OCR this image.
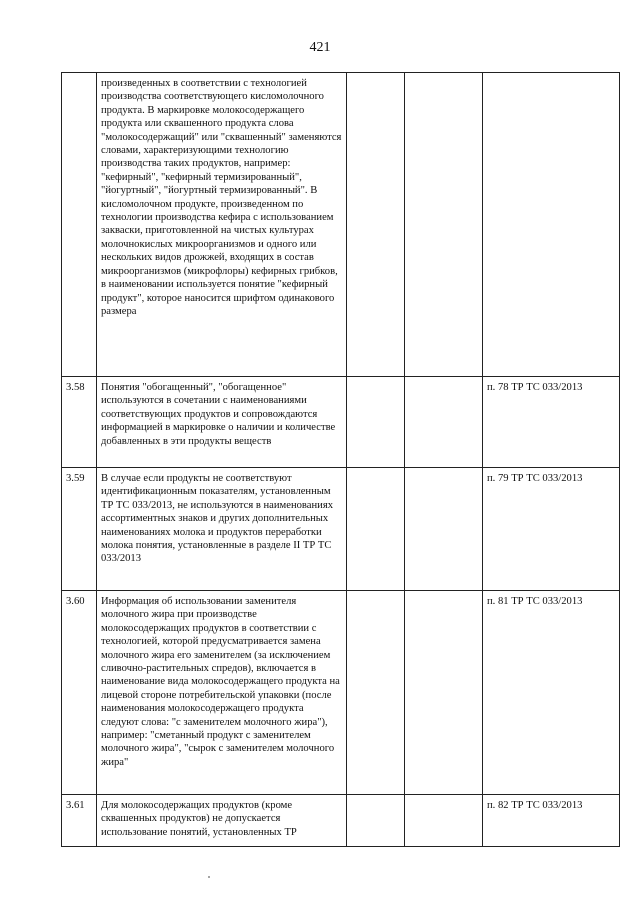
421
	произведенных в соответствии с технологией производства соответствующего кисломолочного продукта. В маркировке молокосодержащего продукта или сквашенного продукта слова "молокосодержащий" или "сквашенный" заменяются словами, характеризующими технологию производства таких продуктов, например: "кефирный", "кефирный термизированный", "йогуртный", "йогуртный термизированный". В кисломолочном продукте, произведенном по технологии производства кефира с использованием закваски, приготовленной на чистых культурах молочнокислых микроорганизмов и одного или нескольких видов дрожжей, входящих в состав микроорганизмов (микрофлоры) кефирных грибков, в наименовании используется понятие "кефирный продукт", которое наносится шрифтом одинакового размера			
3.58	Понятия "обогащенный", "обогащенное" используются в сочетании с наименованиями соответствующих продуктов и сопровождаются информацией в маркировке о наличии и количестве добавленных в эти продукты веществ			п. 78 ТР ТС 033/2013
3.59	В случае если продукты не соответствуют идентификационным показателям, установленным ТР ТС 033/2013, не используются в наименованиях ассортиментных знаков и других дополнительных наименованиях молока и продуктов переработки молока понятия, установленные в разделе II ТР ТС 033/2013			п. 79 ТР ТС 033/2013
3.60	Информация об использовании заменителя молочного жира при производстве молокосодержащих продуктов в соответствии с технологией, которой предусматривается замена молочного жира его заменителем (за исключением сливочно-растительных спредов), включается в наименование вида молокосодержащего продукта на лицевой стороне потребительской упаковки (после наименования молокосодержащего продукта следуют слова: "с заменителем молочного жира"), например: "сметанный продукт с заменителем молочного жира", "сырок с заменителем молочного жира"			п. 81 ТР ТС 033/2013
3.61	Для молокосодержащих продуктов (кроме сквашенных продуктов) не допускается использование понятий, установленных ТР			п. 82 ТР ТС 033/2013
